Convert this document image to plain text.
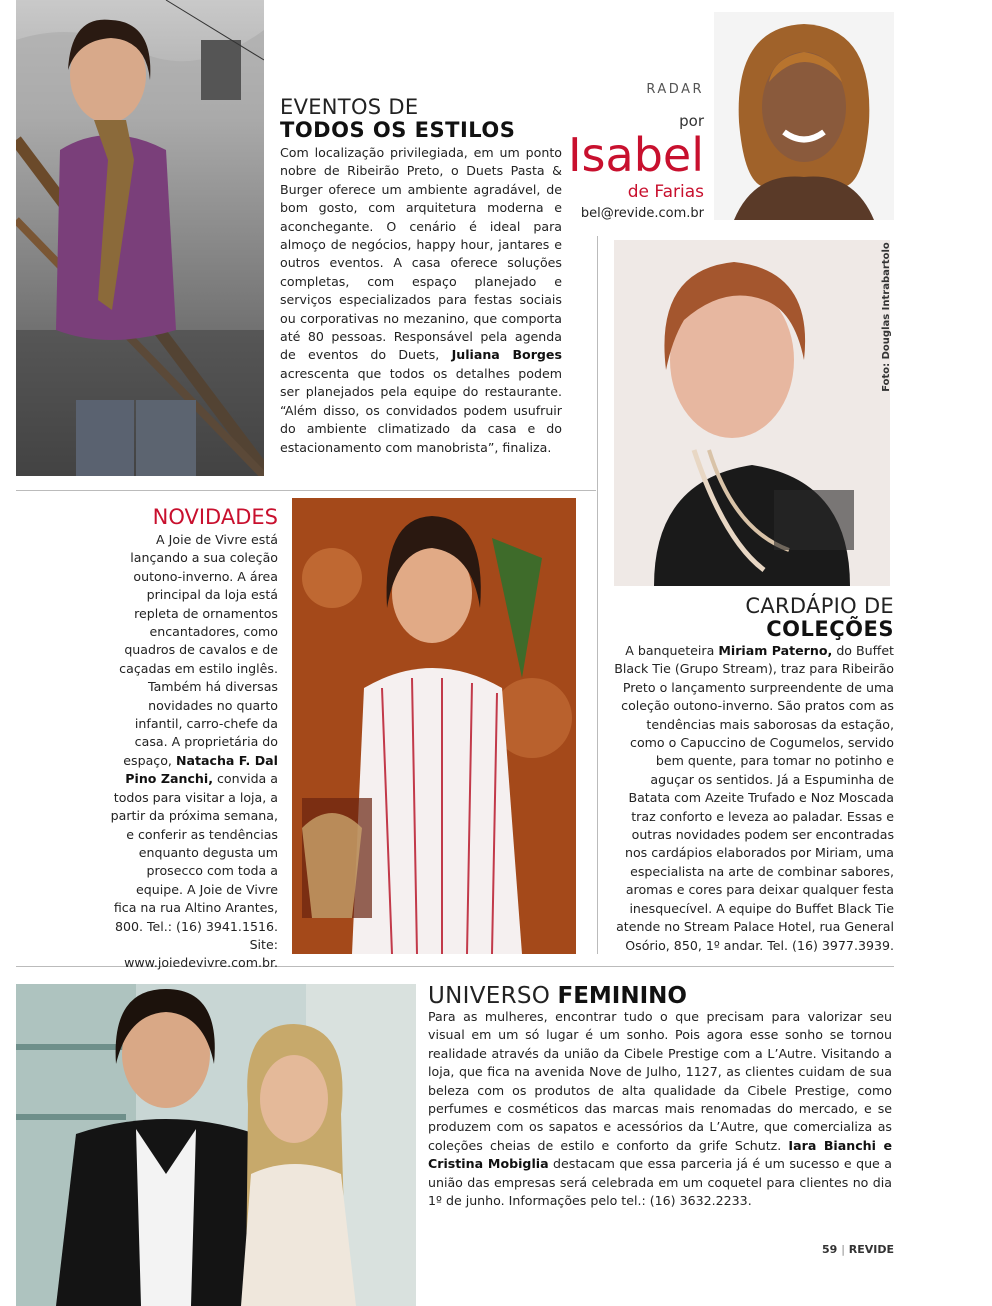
EVENTOS DE
TODOS OS ESTILOS
Com localização privilegiada, em um ponto nobre de Ribeirão Preto, o Duets Pasta & Burger oferece um ambiente agradável, de bom gosto, com arquitetura moderna e aconchegante. O cenário é ideal para almoço de negócios, happy hour, jantares e outros eventos. A casa oferece soluções completas, com espaço planejado e serviços especializados para festas sociais ou corporativas no mezanino, que comporta até 80 pessoas. Responsável pela agenda de eventos do Duets, Juliana Borges acrescenta que todos os detalhes podem ser planejados pela equipe do restaurante. “Além disso, os convidados podem usufruir do ambiente climatizado da casa e do estacionamento com manobrista”, finaliza.
RADAR
por
Isabel
de Farias
bel@revide.com.br
Foto: Douglas Intrabartolo
NOVIDADES
A Joie de Vivre está lançando a sua coleção outono-inverno. A área principal da loja está repleta de ornamentos encantadores, como quadros de cavalos e de caçadas em estilo inglês. Também há diversas novidades no quarto infantil, carro-chefe da casa. A proprietária do espaço, Natacha F. Dal Pino Zanchi, convida a todos para visitar a loja, a partir da próxima semana, e conferir as tendências enquanto degusta um prosecco com toda a equipe. A Joie de Vivre fica na rua Altino Arantes, 800. Tel.: (16) 3941.1516. Site: www.joiedevivre.com.br.
CARDÁPIO DE
COLEÇÕES
A banqueteira Miriam Paterno, do Buffet Black Tie (Grupo Stream), traz para Ribeirão Preto o lançamento surpreendente de uma coleção outono-inverno. São pratos com as tendências mais saborosas da estação, como o Capuccino de Cogumelos, servido bem quente, para tomar no potinho e aguçar os sentidos. Já a Espuminha de Batata com Azeite Trufado e Noz Moscada traz conforto e leveza ao paladar. Essas e outras novidades podem ser encontradas nos cardápios elaborados por Miriam, uma especialista na arte de combinar sabores, aromas e cores para deixar qualquer festa inesquecível. A equipe do Buffet Black Tie atende no Stream Palace Hotel, rua General Osório, 850, 1º andar. Tel. (16) 3977.3939.
UNIVERSO FEMININO
Para as mulheres, encontrar tudo o que precisam para valorizar seu visual em um só lugar é um sonho. Pois agora esse sonho se tornou realidade através da união da Cibele Prestige com a L’Autre. Visitando a loja, que fica na avenida Nove de Julho, 1127, as clientes cuidam de sua beleza com os produtos de alta qualidade da Cibele Prestige, como perfumes e cosméticos das marcas mais renomadas do mercado, e se produzem com os sapatos e acessórios da L’Autre, que comercializa as coleções cheias de estilo e conforto da grife Schutz. Iara Bianchi e Cristina Mobiglia destacam que essa parceria já é um sucesso e que a união das empresas será celebrada em um coquetel para clientes no dia 1º de junho. Informações pelo tel.: (16) 3632.2233.
59 | REVIDE
